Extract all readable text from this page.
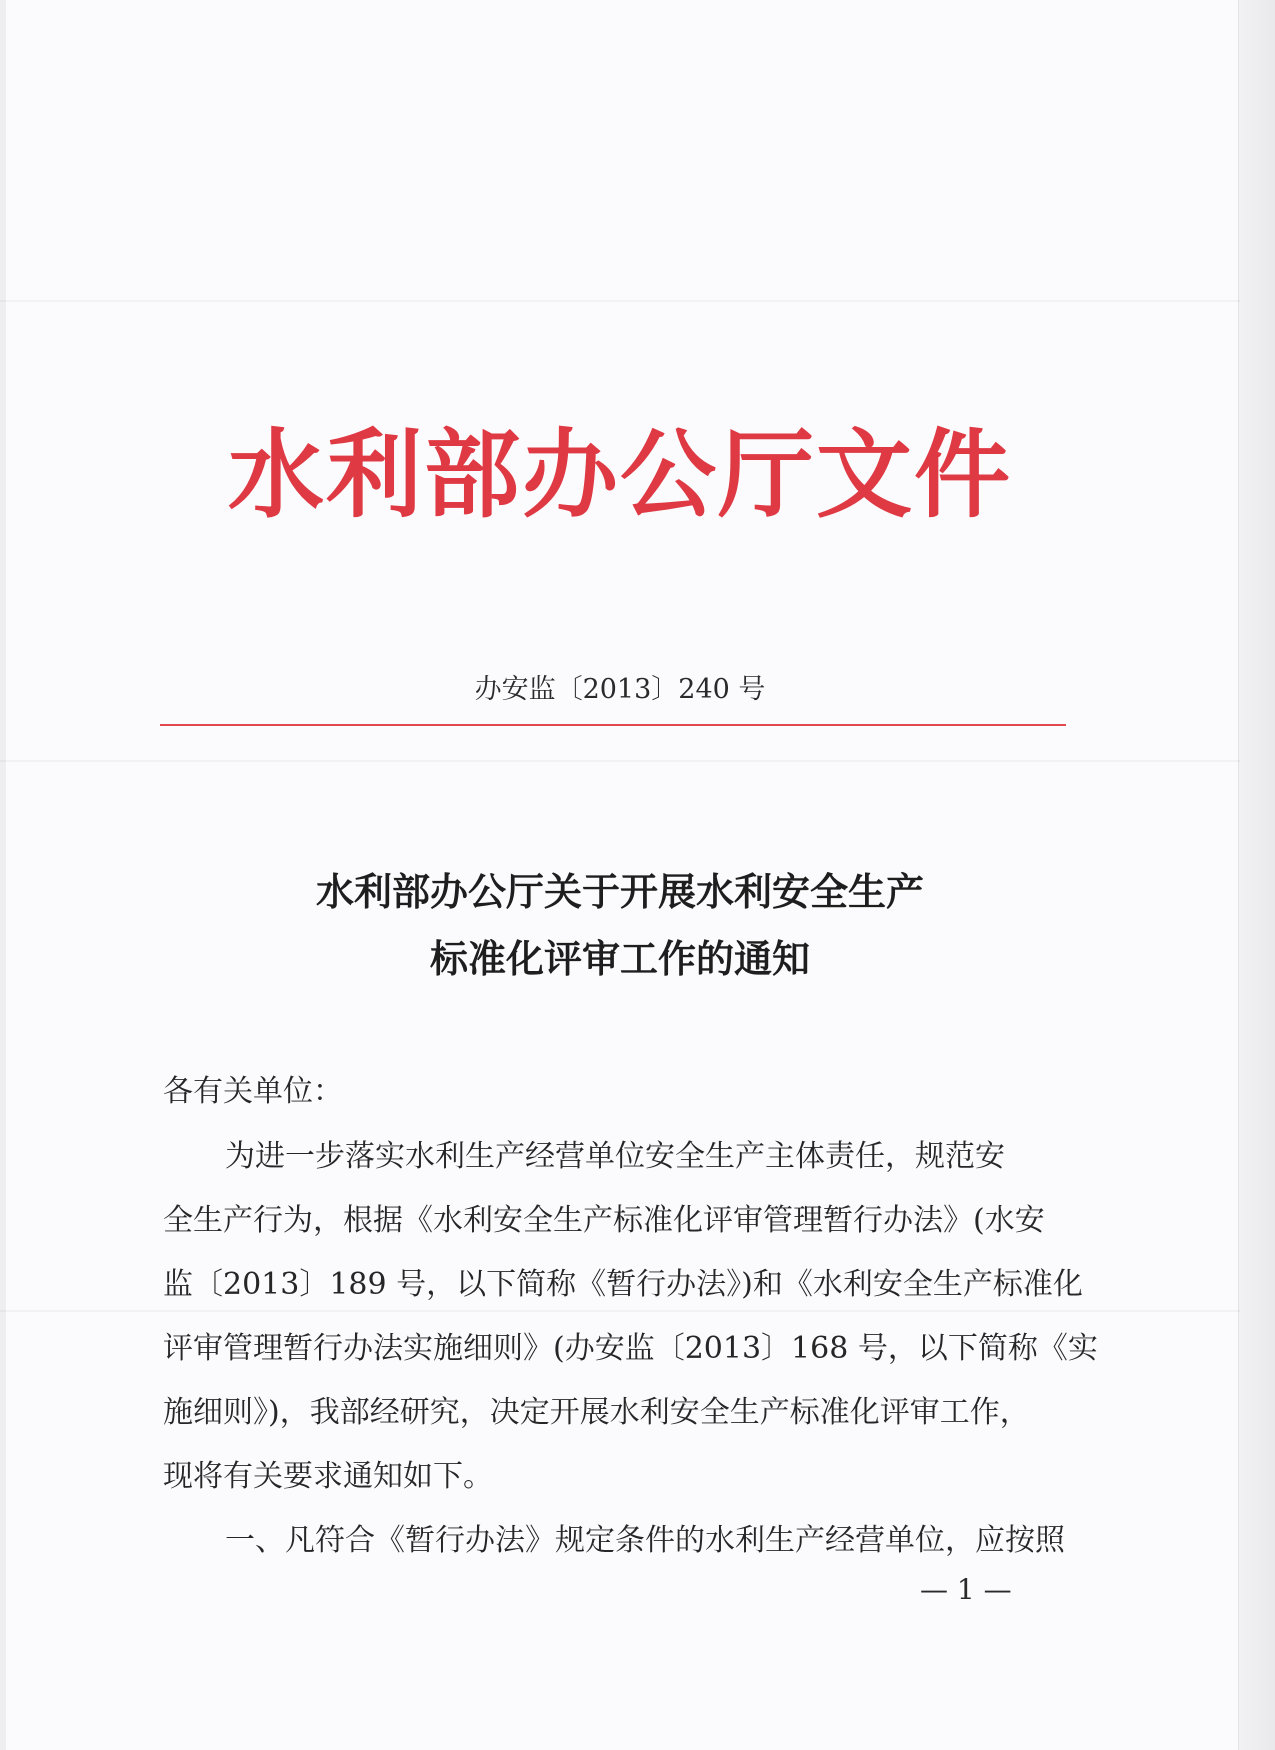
水利部办公厅文件
办安监〔2013〕240 号
水利部办公厅关于开展水利安全生产
标准化评审工作的通知
各有关单位：
为进一步落实水利生产经营单位安全生产主体责任，规范安
全生产行为，根据《水利安全生产标准化评审管理暂行办法》(水安
监〔2013〕189 号，以下简称《暂行办法》)和《水利安全生产标准化
评审管理暂行办法实施细则》(办安监〔2013〕168 号，以下简称《实
施细则》)，我部经研究，决定开展水利安全生产标准化评审工作，
现将有关要求通知如下。
一、凡符合《暂行办法》规定条件的水利生产经营单位，应按照
— 1 —
